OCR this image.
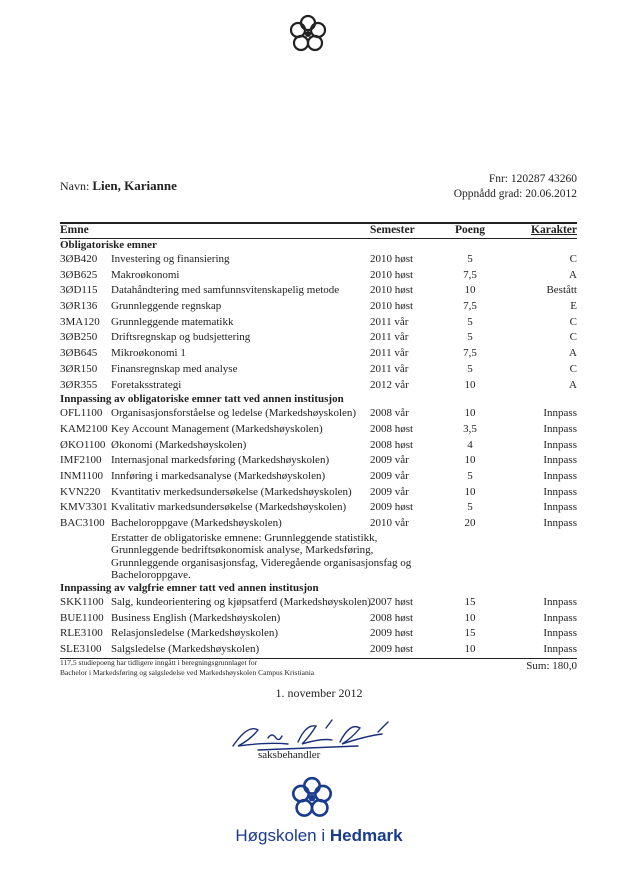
Navn: Lien, Karianne	Fnr: 120287 43260
Oppnådd grad: 20.06.2012
Emne	Semester	Poeng	Karakter
Obligatoriske emner
3ØB420 Investering og finansiering	2010 høst	5	C
3ØB625 Makroøkonomi	2010 høst	7,5	A
3ØD115 Datahåndtering med samfunnsvitenskapelig metode	2010 høst	10	Bestått
3ØR136 Grunnleggende regnskap	2010 høst	7,5	E
3MA120 Grunnleggende matematikk	2011 vår	5	C
3ØB250 Driftsregnskap og budsjettering	2011 vår	5	C
3ØB645 Mikroøkonomi 1	2011 vår	7,5	A
3ØR150 Finansregnskap med analyse	2011 vår	5	C
3ØR355 Foretaksstrategi	2012 vår	10	A
Innpassing av obligatoriske emner tatt ved annen institusjon
OFL1100 Organisasjonsforståelse og ledelse (Markedshøyskolen) 2008 vår	10	Innpass
KAM2100 Key Account Management (Markedshøyskolen)	2008 høst	3,5	Innpass
ØKO1100 Økonomi (Markedshøyskolen)	2008 høst	4	Innpass
IMF2100 Internasjonal markedsføring (Markedshøyskolen)	2009 vår	10	Innpass
INM1100 Innføring i markedsanalyse (Markedshøyskolen)	2009 vår	5	Innpass
KVN220 Kvantitativ merkedsundersøkelse (Markedshøyskolen) 2009 vår	10	Innpass
KMV3301 Kvalitativ markedsundersøkelse (Markedshøyskolen) 2009 høst	5	Innpass
BAC3100 Bacheloroppgave (Markedshøyskolen)	2010 vår	20	Innpass
Erstatter de obligatoriske emnene: Grunnleggende statistikk,
Grunnleggende bedriftsøkonomisk analyse, Markedsføring,
Grunnleggende organisasjonsfag, Videregående organisasjonsfag og
Bacheloroppgave.
Innpassing av valgfrie emner tatt ved annen institusjon
SKK1100 Salg, kundeorientering og kjøpsatferd (Markedshøyskolen) 2007 høst	15	Innpass
BUE1100 Business English (Markedshøyskolen)	2008 høst	10	Innpass
RLE3100 Relasjonsledelse (Markedshøyskolen)	2009 høst	15	Innpass
SLE3100 Salgsledelse (Markedshøyskolen)	2009 høst	10	Innpass
Sum: 180,0
117,5 studiepoeng har tidligere inngått i beregningsgrunnlaget for
Bachelor i Markedsføring og salgsledelse ved Markedshøyskolen Campus Kristiania
1. november 2012
saksbehandler
Høgskolen i Hedmark
